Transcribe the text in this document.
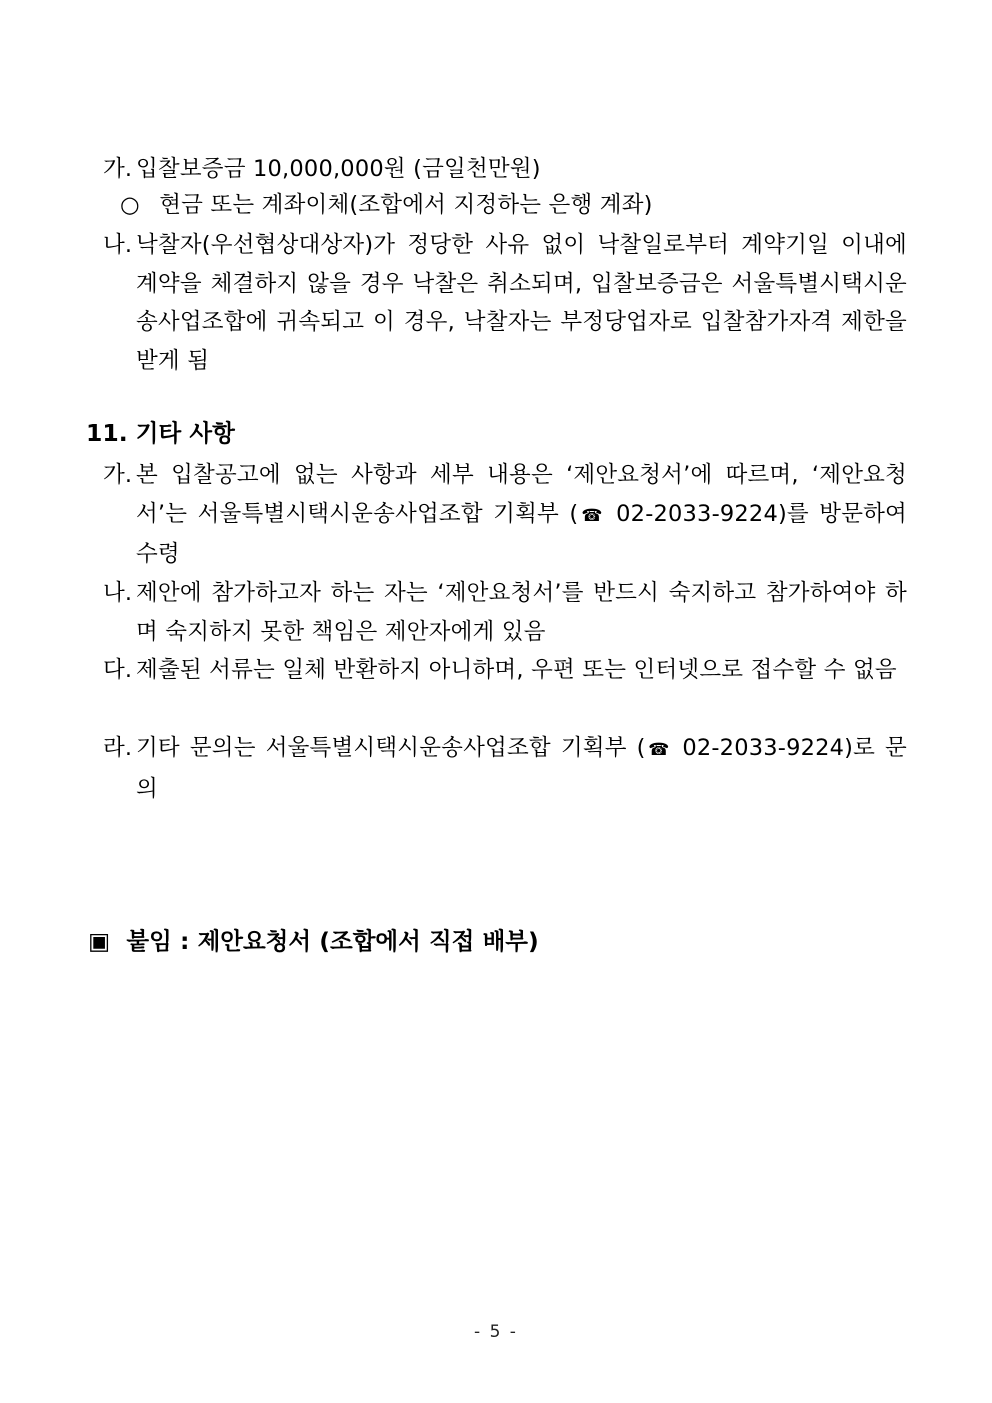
가. 입찰보증금 10,000,000원 (금일천만원)
○ 현금 또는 계좌이체(조합에서 지정하는 은행 계좌)
나. 낙찰자(우선협상대상자)가 정당한 사유 없이 낙찰일로부터 계약기일 이내에 계약을 체결하지 않을 경우 낙찰은 취소되며, 입찰보증금은 서울특별시택시운송사업조합에 귀속되고 이 경우, 낙찰자는 부정당업자로 입찰참가자격 제한을 받게 됨
11. 기타 사항
가. 본 입찰공고에 없는 사항과 세부 내용은 ‘제안요청서’에 따르며, ‘제안요청서’는 서울특별시택시운송사업조합 기획부 (☎ 02-2033-9224)를 방문하여 수령
나. 제안에 참가하고자 하는 자는 ‘제안요청서’를 반드시 숙지하고 참가하여야 하며 숙지하지 못한 책임은 제안자에게 있음
다. 제출된 서류는 일체 반환하지 아니하며, 우편 또는 인터넷으로 접수할 수 없음
라. 기타 문의는 서울특별시택시운송사업조합 기획부 (☎ 02-2033-9224)로 문의
▣ 붙임 : 제안요청서 (조합에서 직접 배부)
- 5 -
